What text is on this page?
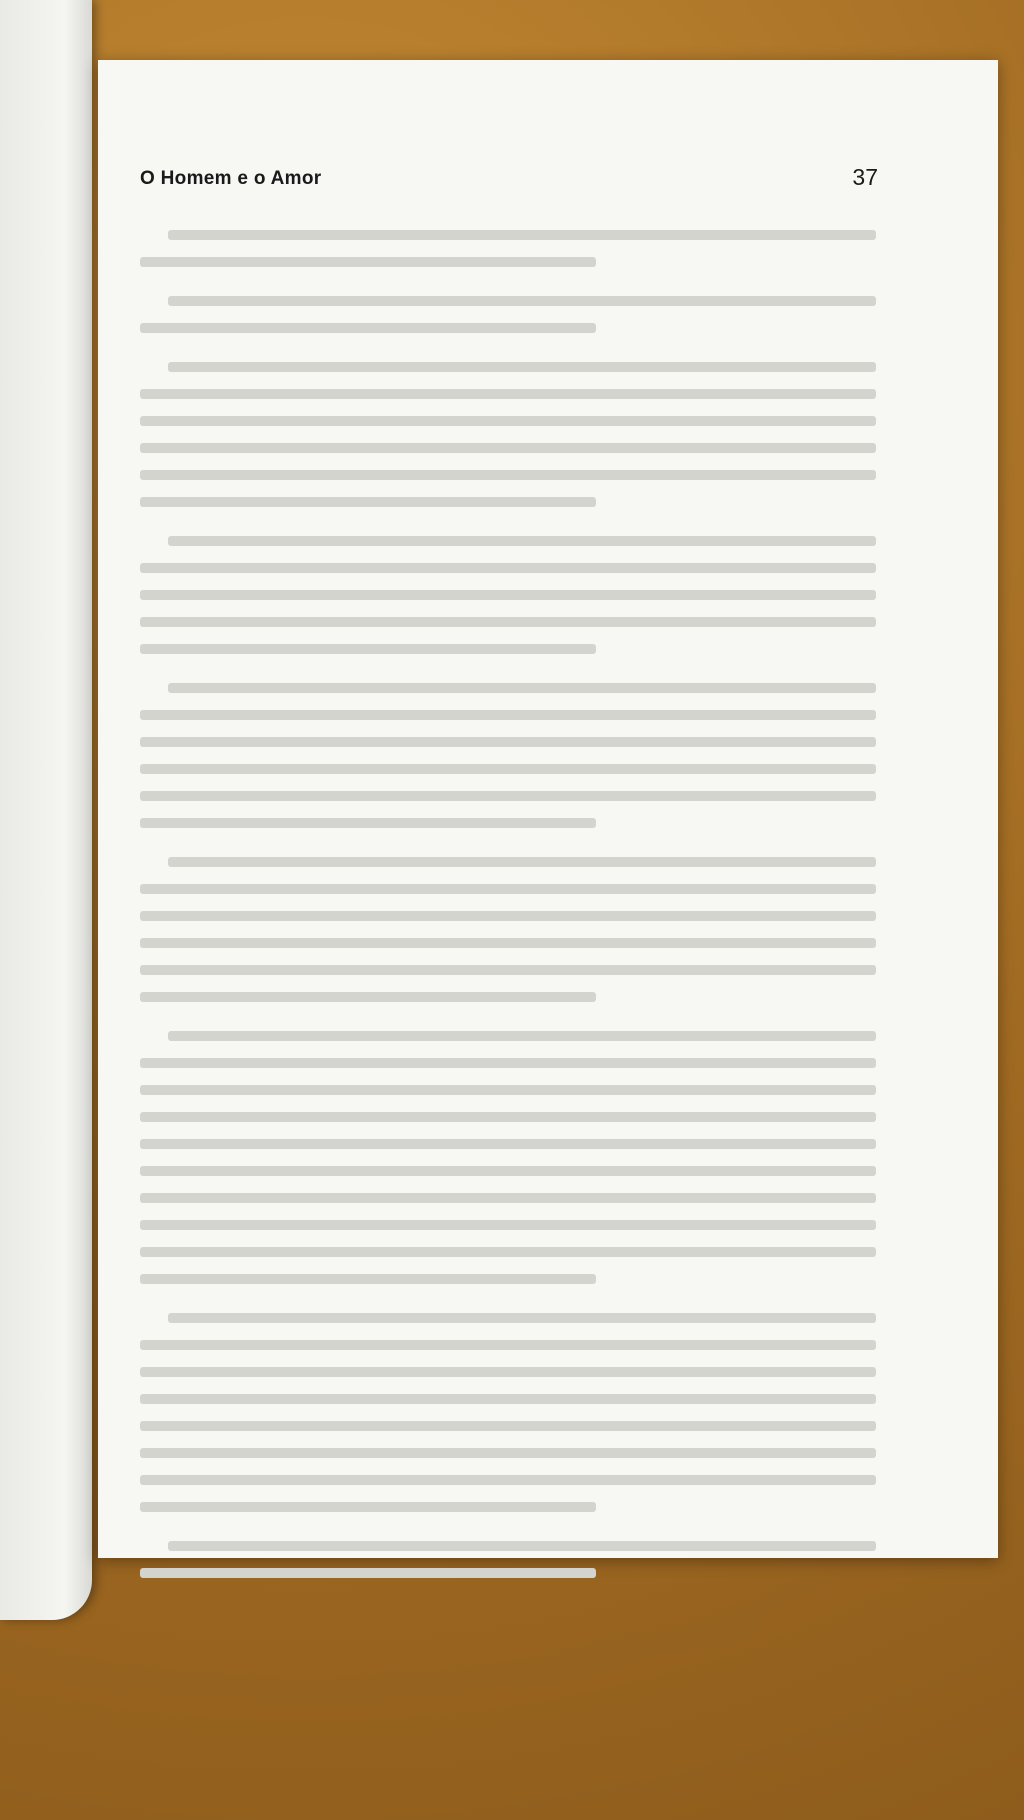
O Homem e o Amor	37
